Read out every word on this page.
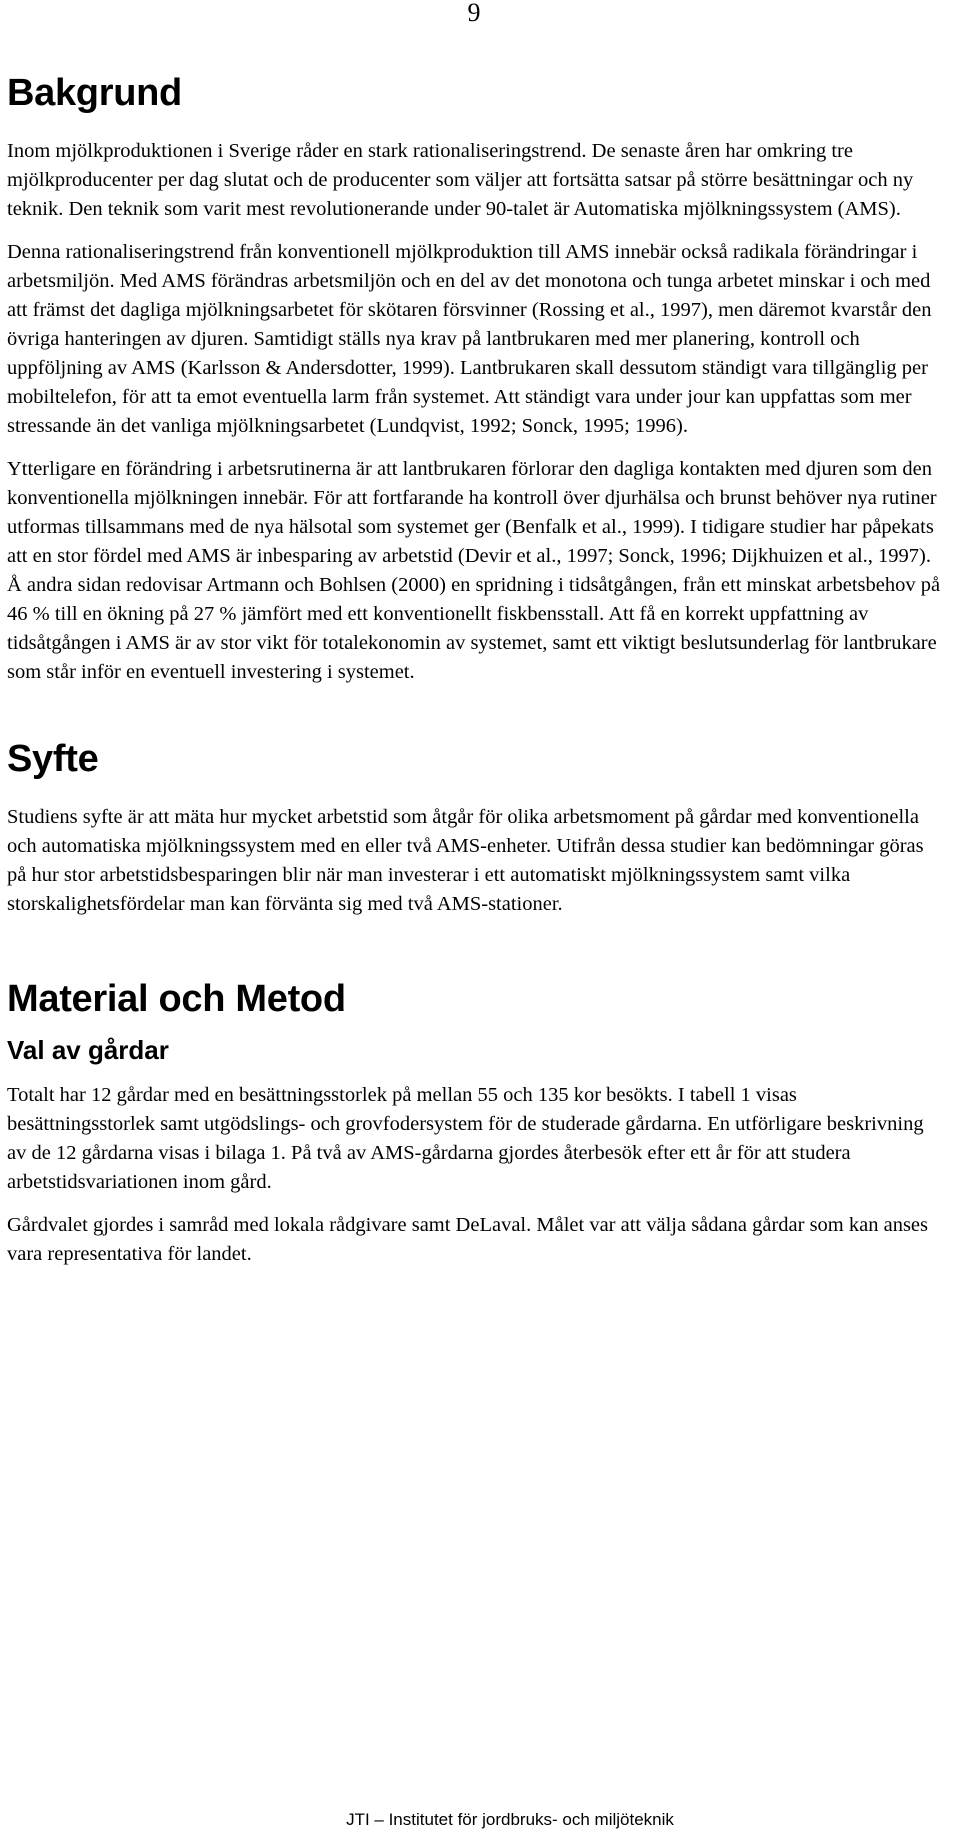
9
Bakgrund

Inom mjölkproduktionen i Sverige råder en stark rationaliseringstrend. De senaste åren har omkring tre mjölkproducenter per dag slutat och de producenter som väljer att fortsätta satsar på större besättningar och ny teknik. Den teknik som varit mest revolutionerande under 90-talet är Automatiska mjölkningssystem (AMS).

Denna rationaliseringstrend från konventionell mjölkproduktion till AMS innebär också radikala förändringar i arbetsmiljön. Med AMS förändras arbetsmiljön och en del av det monotona och tunga arbetet minskar i och med att främst det dagliga mjölkningsarbetet för skötaren försvinner (Rossing et al., 1997), men däremot kvarstår den övriga hanteringen av djuren. Samtidigt ställs nya krav på lantbrukaren med mer planering, kontroll och uppföljning av AMS (Karlsson & Andersdotter, 1999). Lantbrukaren skall dessutom ständigt vara tillgänglig per mobiltelefon, för att ta emot eventuella larm från systemet. Att ständigt vara under jour kan uppfattas som mer stressande än det vanliga mjölkningsarbetet (Lundqvist, 1992; Sonck, 1995; 1996).

Ytterligare en förändring i arbetsrutinerna är att lantbrukaren förlorar den dagliga kontakten med djuren som den konventionella mjölkningen innebär. För att fortfarande ha kontroll över djurhälsa och brunst behöver nya rutiner utformas tillsammans med de nya hälsotal som systemet ger (Benfalk et al., 1999). I tidigare studier har påpekats att en stor fördel med AMS är inbesparing av arbetstid (Devir et al., 1997; Sonck, 1996; Dijkhuizen et al., 1997). Å andra sidan redovisar Artmann och Bohlsen (2000) en spridning i tidsåtgången, från ett minskat arbetsbehov på 46 % till en ökning på 27 % jämfört med ett konventionellt fiskbensstall. Att få en korrekt uppfattning av tidsåtgången i AMS är av stor vikt för totalekonomin av systemet, samt ett viktigt beslutsunderlag för lantbrukare som står inför en eventuell investering i systemet.

Syfte

Studiens syfte är att mäta hur mycket arbetstid som åtgår för olika arbetsmoment på gårdar med konventionella och automatiska mjölkningssystem med en eller två AMS-enheter. Utifrån dessa studier kan bedömningar göras på hur stor arbetstidsbesparingen blir när man investerar i ett automatiskt mjölkningssystem samt vilka storskalighetsfördelar man kan förvänta sig med två AMS-stationer.

Material och Metod
Val av gårdar

Totalt har 12 gårdar med en besättningsstorlek på mellan 55 och 135 kor besökts. I tabell 1 visas besättningsstorlek samt utgödslings- och grovfodersystem för de studerade gårdarna. En utförligare beskrivning av de 12 gårdarna visas i bilaga 1. På två av AMS-gårdarna gjordes återbesök efter ett år för att studera arbetstidsvariationen inom gård.

Gårdvalet gjordes i samråd med lokala rådgivare samt DeLaval. Målet var att välja sådana gårdar som kan anses vara representativa för landet.

JTI – Institutet för jordbruks- och miljöteknik
